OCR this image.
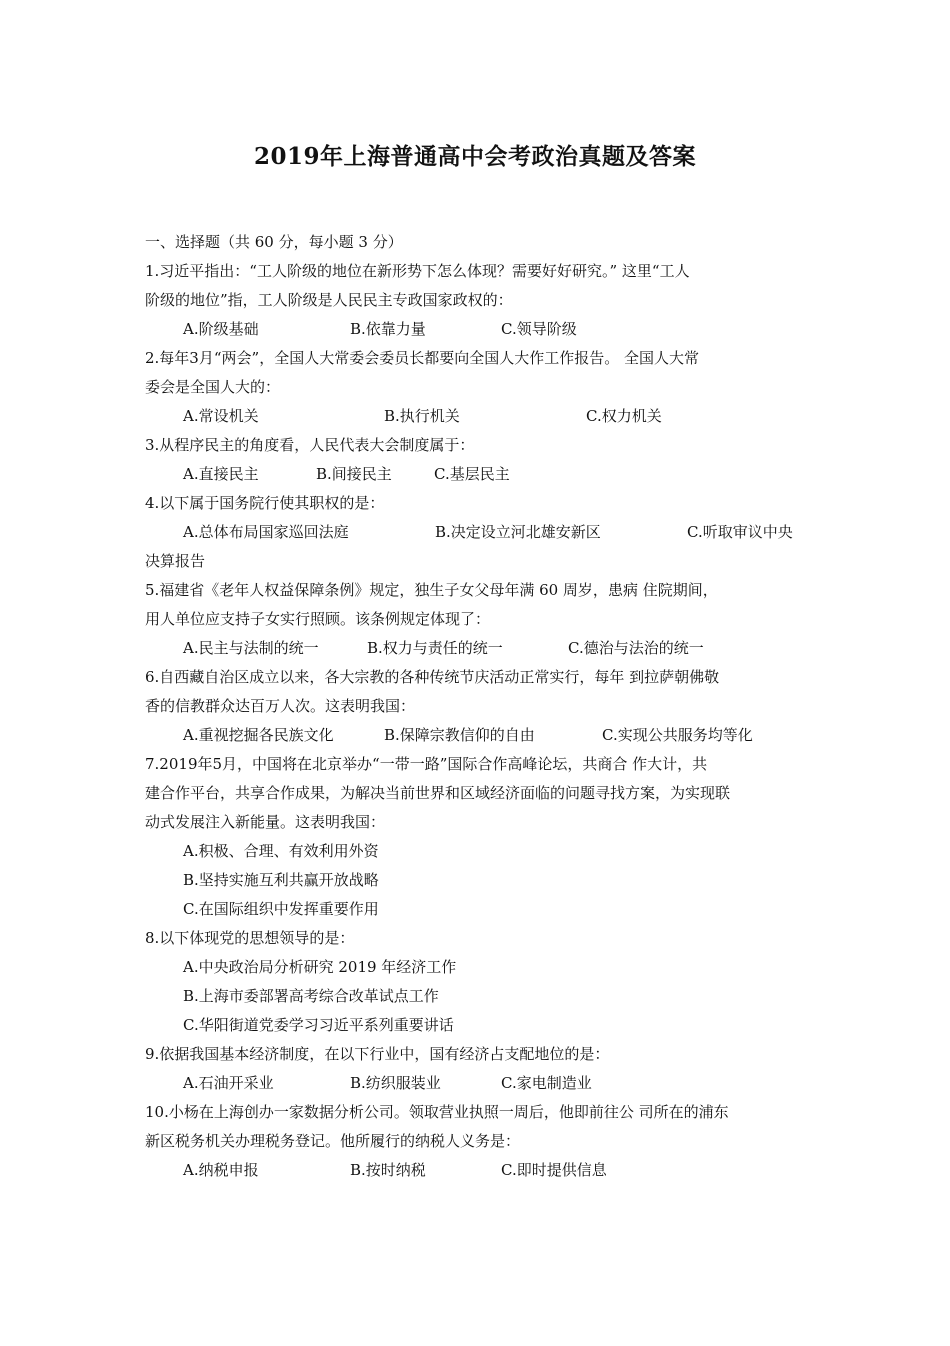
2019年上海普通高中会考政治真题及答案
一、选择题（共 60 分，每小题 3 分）
1.习近平指出：“工人阶级的地位在新形势下怎么体现？需要好好研究。” 这里“工人
阶级的地位”指，工人阶级是人民民主专政国家政权的：
A.阶级基础	B.依靠力量	C.领导阶级
2.每年3月“两会”，全国人大常委会委员长都要向全国人大作工作报告。 全国人大常
委会是全国人大的：
A.常设机关	B.执行机关	C.权力机关
3.从程序民主的角度看，人民代表大会制度属于：
A.直接民主	B.间接民主	C.基层民主
4.以下属于国务院行使其职权的是：
A.总体布局国家巡回法庭	B.决定设立河北雄安新区	C.听取审议中央
决算报告
5.福建省《老年人权益保障条例》规定，独生子女父母年满 60 周岁，患病 住院期间，
用人单位应支持子女实行照顾。该条例规定体现了：
A.民主与法制的统一	B.权力与责任的统一	C.德治与法治的统一
6.自西藏自治区成立以来，各大宗教的各种传统节庆活动正常实行，每年 到拉萨朝佛敬
香的信教群众达百万人次。这表明我国：
A.重视挖掘各民族文化	B.保障宗教信仰的自由	C.实现公共服务均等化
7.2019年5月，中国将在北京举办“一带一路”国际合作高峰论坛，共商合 作大计，共
建合作平台，共享合作成果，为解决当前世界和区域经济面临的问题寻找方案，为实现联
动式发展注入新能量。这表明我国：
A.积极、合理、有效利用外资
B.坚持实施互利共赢开放战略
C.在国际组织中发挥重要作用
8.以下体现党的思想领导的是：
A.中央政治局分析研究 2019 年经济工作
B.上海市委部署高考综合改革试点工作
C.华阳街道党委学习习近平系列重要讲话
9.依据我国基本经济制度，在以下行业中，国有经济占支配地位的是：
A.石油开采业	B.纺织服装业	C.家电制造业
10.小杨在上海创办一家数据分析公司。领取营业执照一周后，他即前往公 司所在的浦东
新区税务机关办理税务登记。他所履行的纳税人义务是：
A.纳税申报	B.按时纳税	C.即时提供信息
